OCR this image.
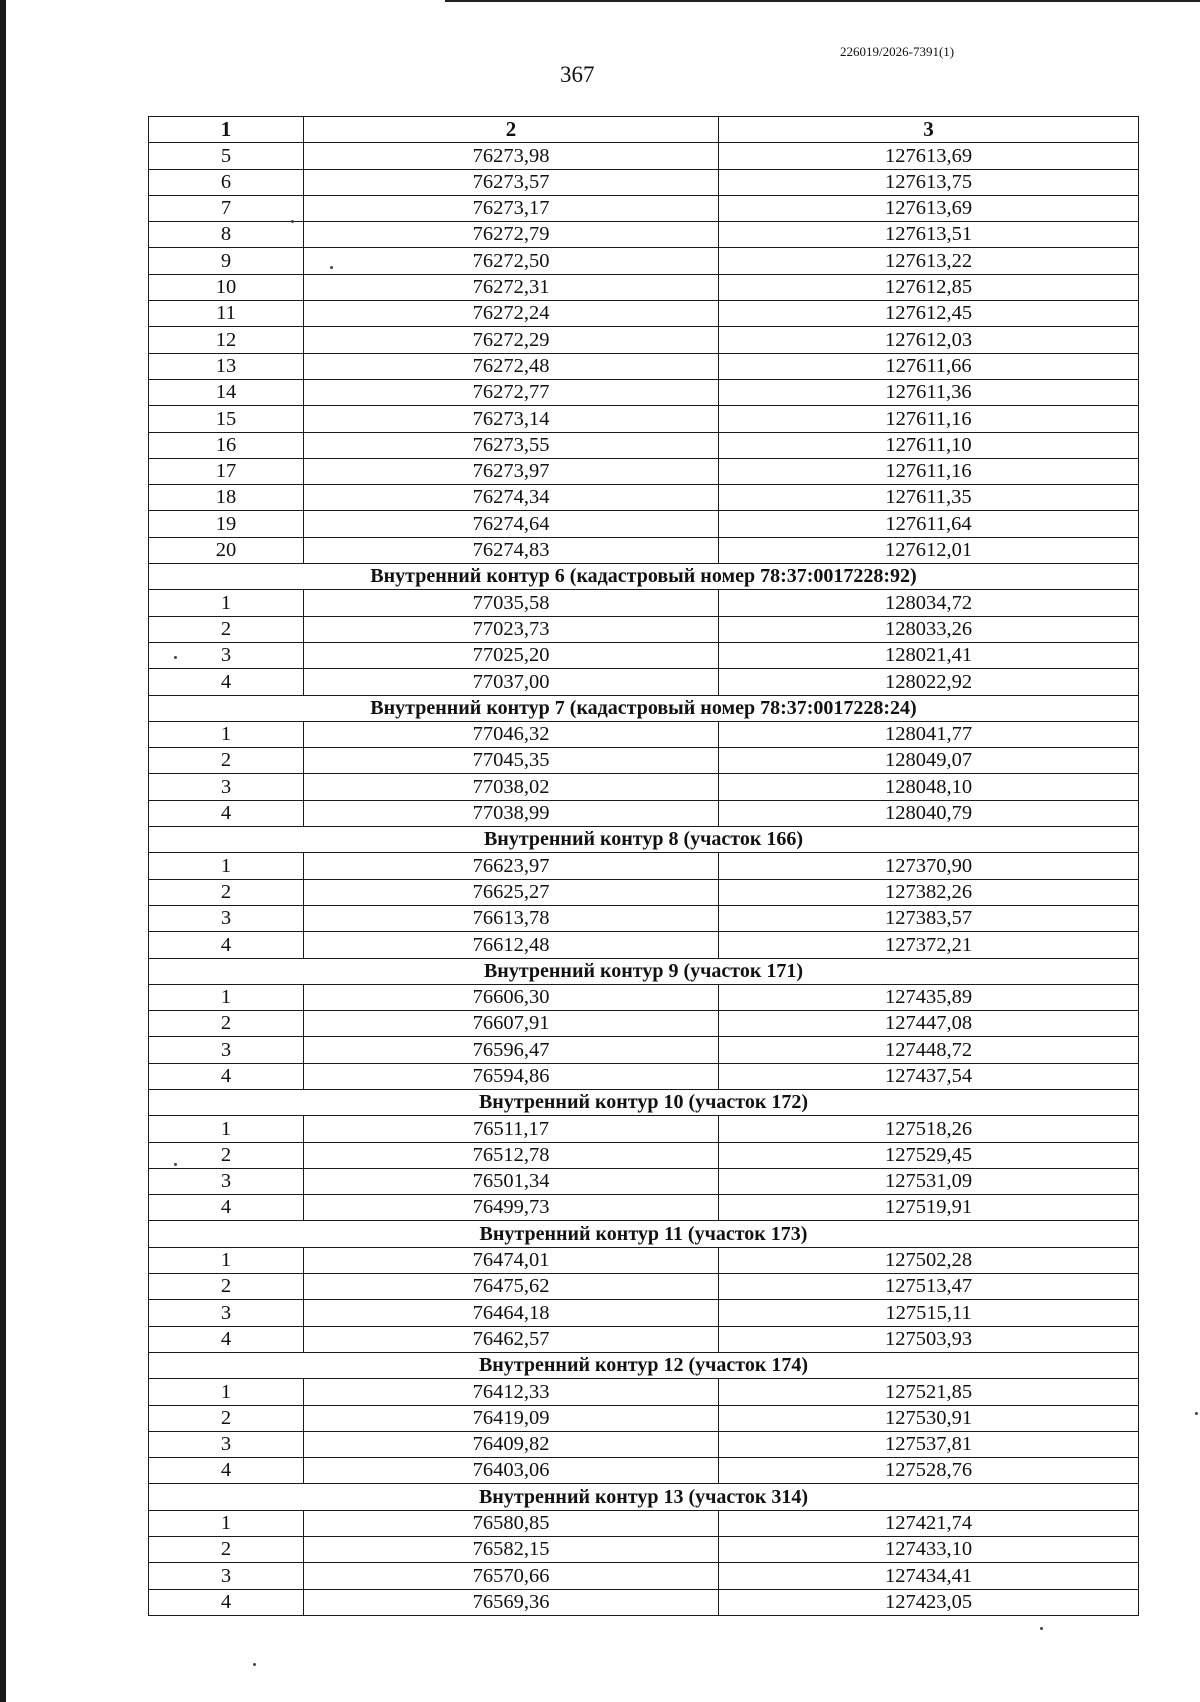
226019/2026-7391(1)
367
1	2	3
5	76273,98	127613,69
6	76273,57	127613,75
7	76273,17	127613,69
8	76272,79	127613,51
9	76272,50	127613,22
10	76272,31	127612,85
11	76272,24	127612,45
12	76272,29	127612,03
13	76272,48	127611,66
14	76272,77	127611,36
15	76273,14	127611,16
16	76273,55	127611,10
17	76273,97	127611,16
18	76274,34	127611,35
19	76274,64	127611,64
20	76274,83	127612,01
Внутренний контур 6 (кадастровый номер 78:37:0017228:92)		
1	77035,58	128034,72
2	77023,73	128033,26
3	77025,20	128021,41
4	77037,00	128022,92
Внутренний контур 7 (кадастровый номер 78:37:0017228:24)		
1	77046,32	128041,77
2	77045,35	128049,07
3	77038,02	128048,10
4	77038,99	128040,79
Внутренний контур 8 (участок 166)		
1	76623,97	127370,90
2	76625,27	127382,26
3	76613,78	127383,57
4	76612,48	127372,21
Внутренний контур 9 (участок 171)		
1	76606,30	127435,89
2	76607,91	127447,08
3	76596,47	127448,72
4	76594,86	127437,54
Внутренний контур 10 (участок 172)		
1	76511,17	127518,26
2	76512,78	127529,45
3	76501,34	127531,09
4	76499,73	127519,91
Внутренний контур 11 (участок 173)		
1	76474,01	127502,28
2	76475,62	127513,47
3	76464,18	127515,11
4	76462,57	127503,93
Внутренний контур 12 (участок 174)		
1	76412,33	127521,85
2	76419,09	127530,91
3	76409,82	127537,81
4	76403,06	127528,76
Внутренний контур 13 (участок 314)		
1	76580,85	127421,74
2	76582,15	127433,10
3	76570,66	127434,41
4	76569,36	127423,05
